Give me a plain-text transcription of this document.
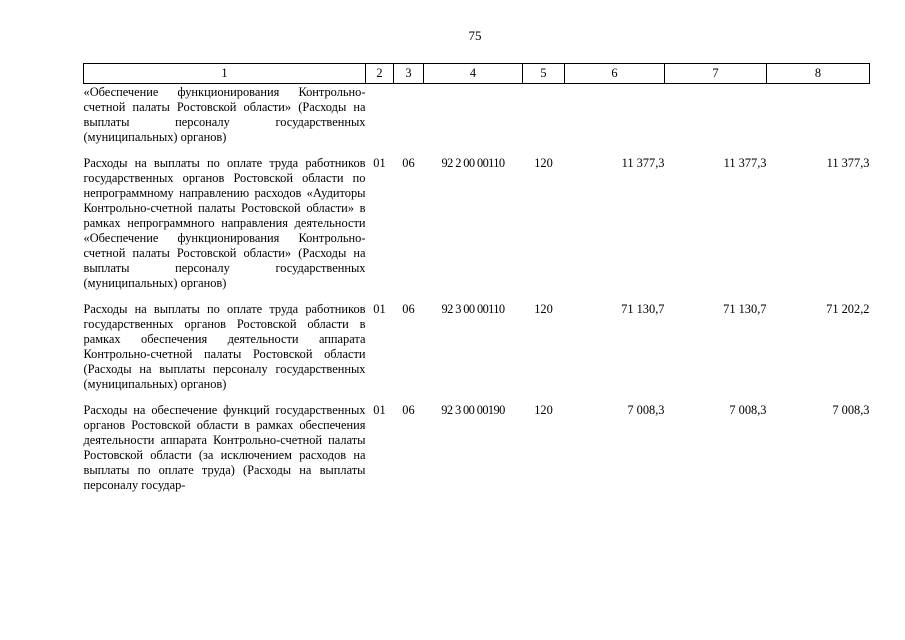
75
1	2	3	4	5	6	7	8
«Обеспечение функционирования Контрольно-счетной палаты Ростовской области» (Расходы на выплаты персоналу государственных (муниципальных) органов)							
Расходы на выплаты по оплате труда работников государственных органов Ростовской области по непрограммному направлению расходов «Аудиторы Контрольно-счетной палаты Ростовской области» в рамках непрограммного направления деятельности «Обеспечение функционирования Контрольно-счетной палаты Ростовской области» (Расходы на выплаты персоналу государственных (муниципальных) органов)	01	06	92 2 00 00110	120	11 377,3	11 377,3	11 377,3
Расходы на выплаты по оплате труда работников государственных органов Ростовской области в рамках обеспечения деятельности аппарата Контрольно-счетной палаты Ростовской области (Расходы на выплаты персоналу государственных (муниципальных) органов)	01	06	92 3 00 00110	120	71 130,7	71 130,7	71 202,2
Расходы на обеспечение функций государственных органов Ростовской области в рамках обеспечения деятельности аппарата Контрольно-счетной палаты Ростовской области (за исключением расходов на выплаты по оплате труда) (Расходы на выплаты персоналу государ-	01	06	92 3 00 00190	120	7 008,3	7 008,3	7 008,3
